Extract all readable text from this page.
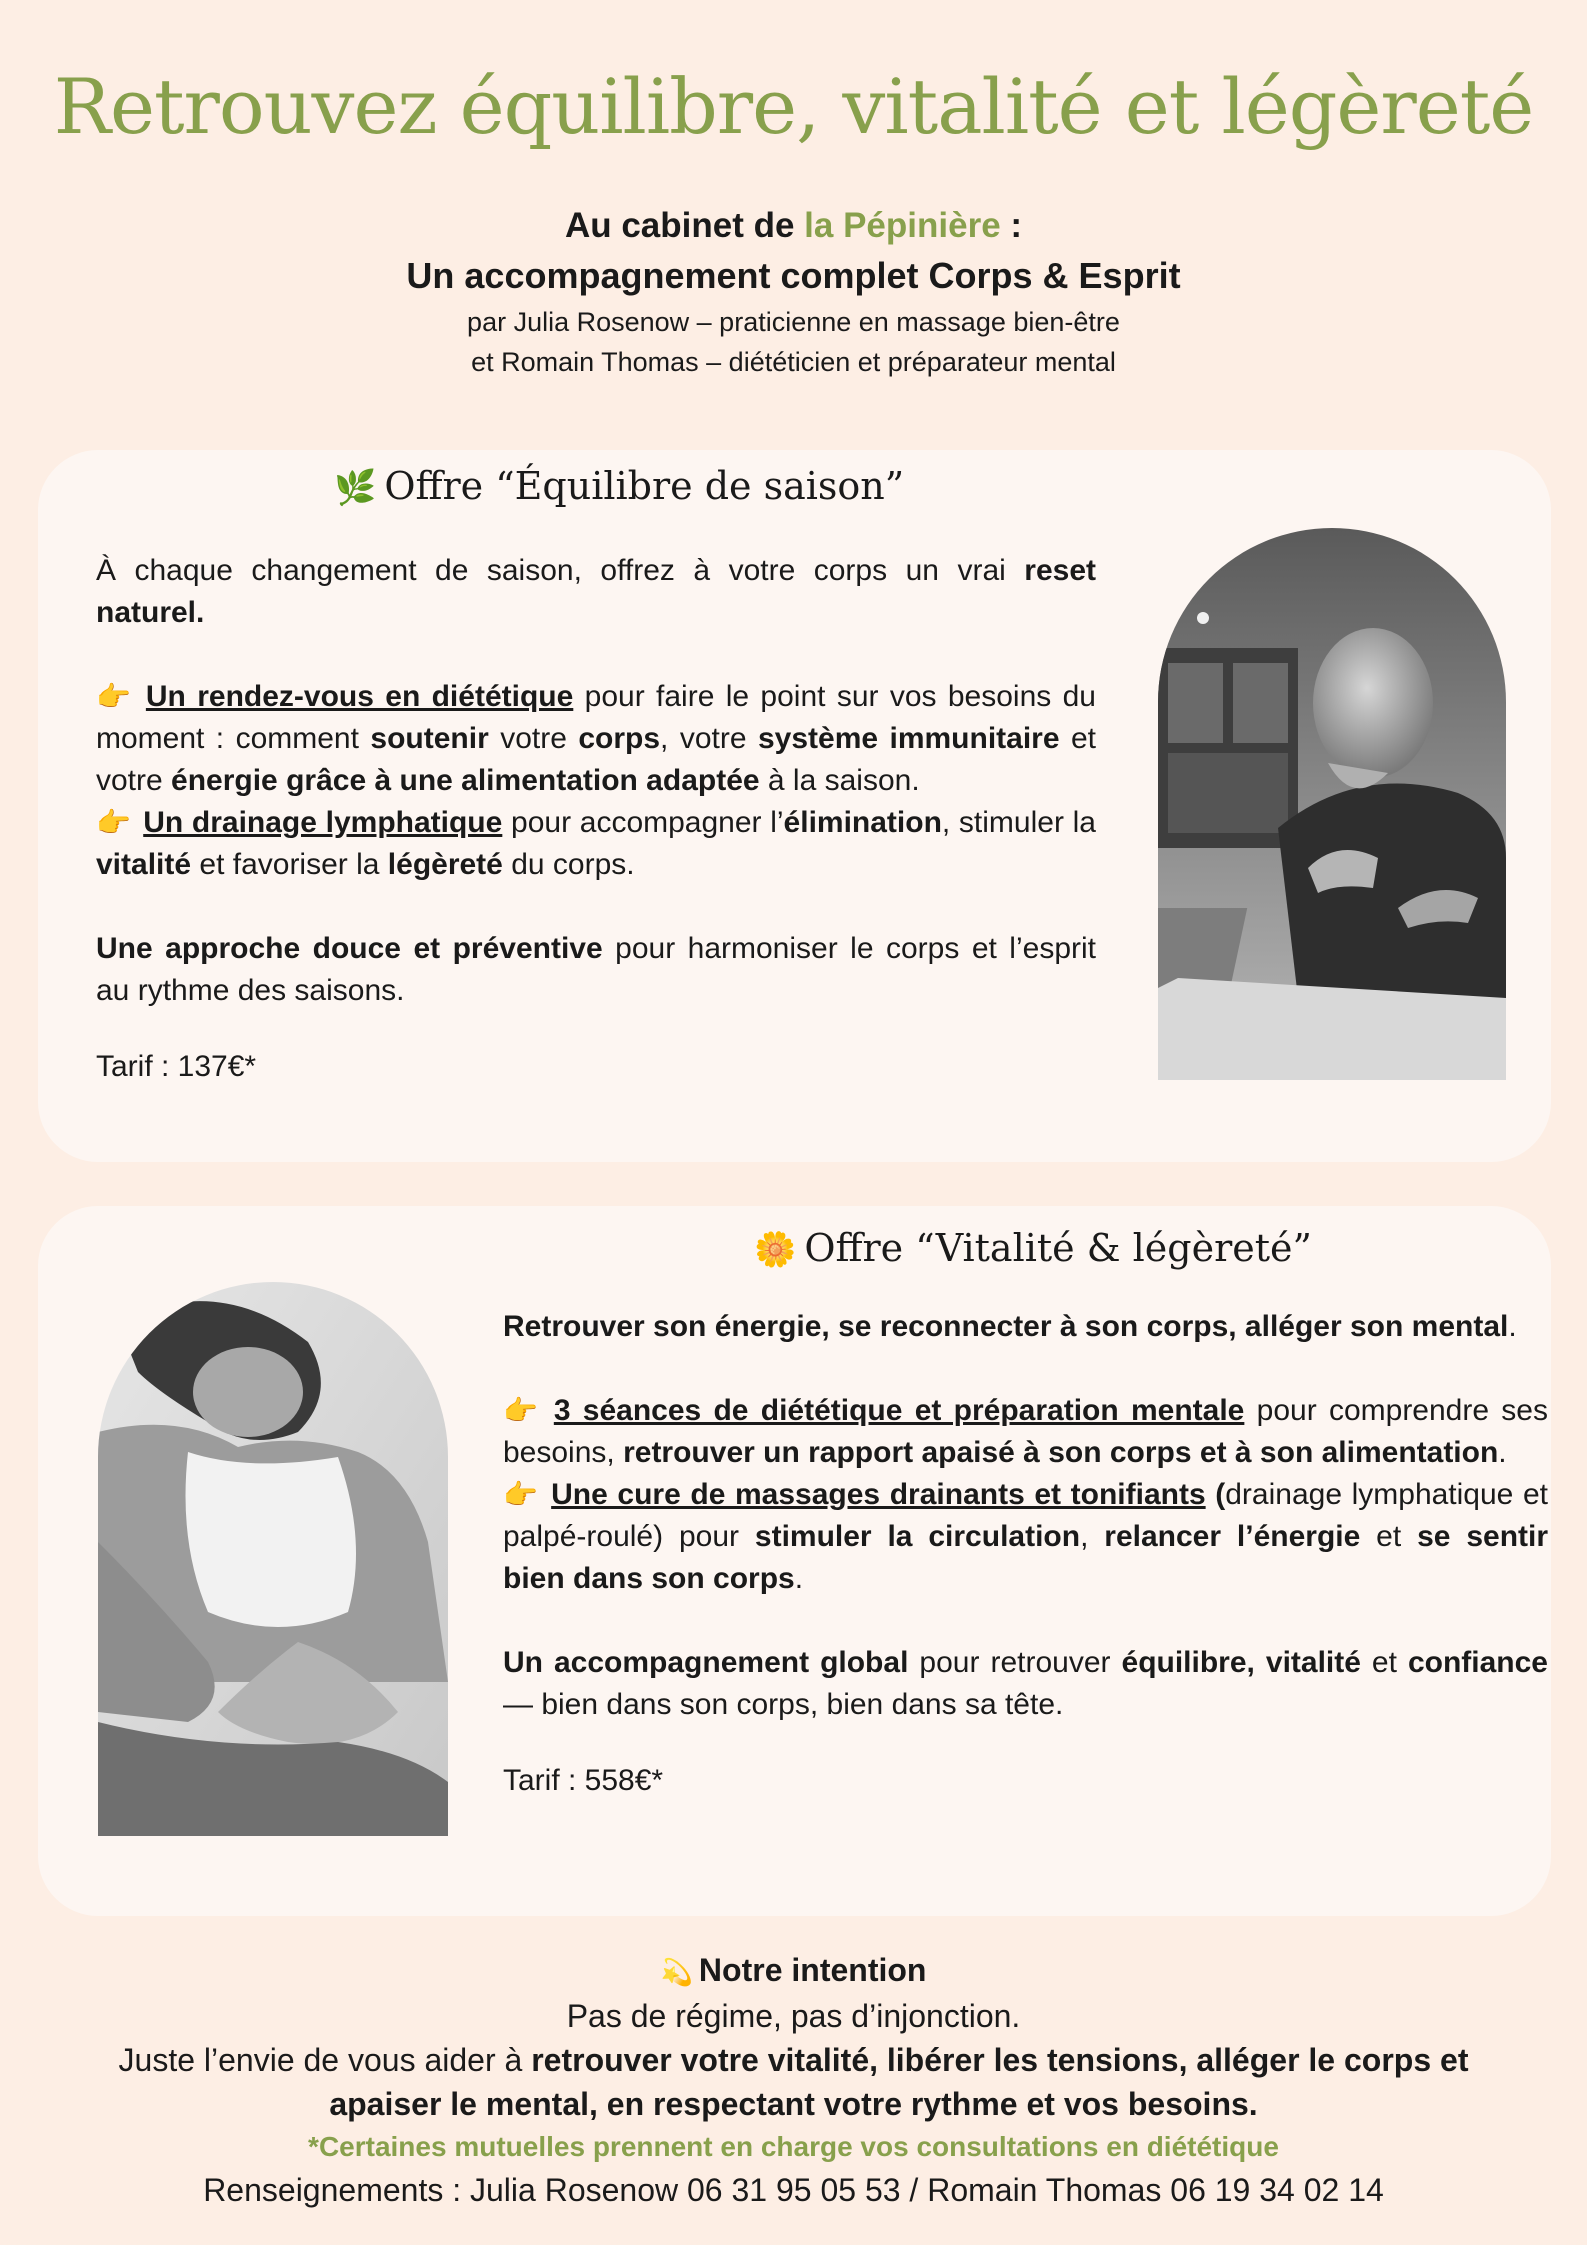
Retrouvez équilibre, vitalité et légèreté
Au cabinet de la Pépinière :
Un accompagnement complet Corps & Esprit
par Julia Rosenow – praticienne en massage bien-être
et Romain Thomas – diététicien et préparateur mental
🌿 Offre “Équilibre de saison”

À chaque changement de saison, offrez à votre corps un vrai reset naturel.

👉 Un rendez-vous en diététique pour faire le point sur vos besoins du moment : comment soutenir votre corps, votre système immunitaire et votre énergie grâce à une alimentation adaptée à la saison.

👉 Un drainage lymphatique pour accompagner l’élimination, stimuler la vitalité et favoriser la légèreté du corps.

Une approche douce et préventive pour harmoniser le corps et l’esprit au rythme des saisons.

Tarif : 137€*

🌼 Offre “Vitalité & légèreté”

Retrouver son énergie, se reconnecter à son corps, alléger son mental.

👉 3 séances de diététique et préparation mentale pour comprendre ses besoins, retrouver un rapport apaisé à son corps et à son alimentation.

👉 Une cure de massages drainants et tonifiants (drainage lymphatique et palpé-roulé) pour stimuler la circulation, relancer l’énergie et se sentir bien dans son corps.

Un accompagnement global pour retrouver équilibre, vitalité et confiance — bien dans son corps, bien dans sa tête.

Tarif : 558€*

💫 Notre intention
Pas de régime, pas d’injonction.
Juste l’envie de vous aider à retrouver votre vitalité, libérer les tensions, alléger le corps et
apaiser le mental, en respectant votre rythme et vos besoins.
*Certaines mutuelles prennent en charge vos consultations en diététique
Renseignements : Julia Rosenow 06 31 95 05 53 / Romain Thomas 06 19 34 02 14
